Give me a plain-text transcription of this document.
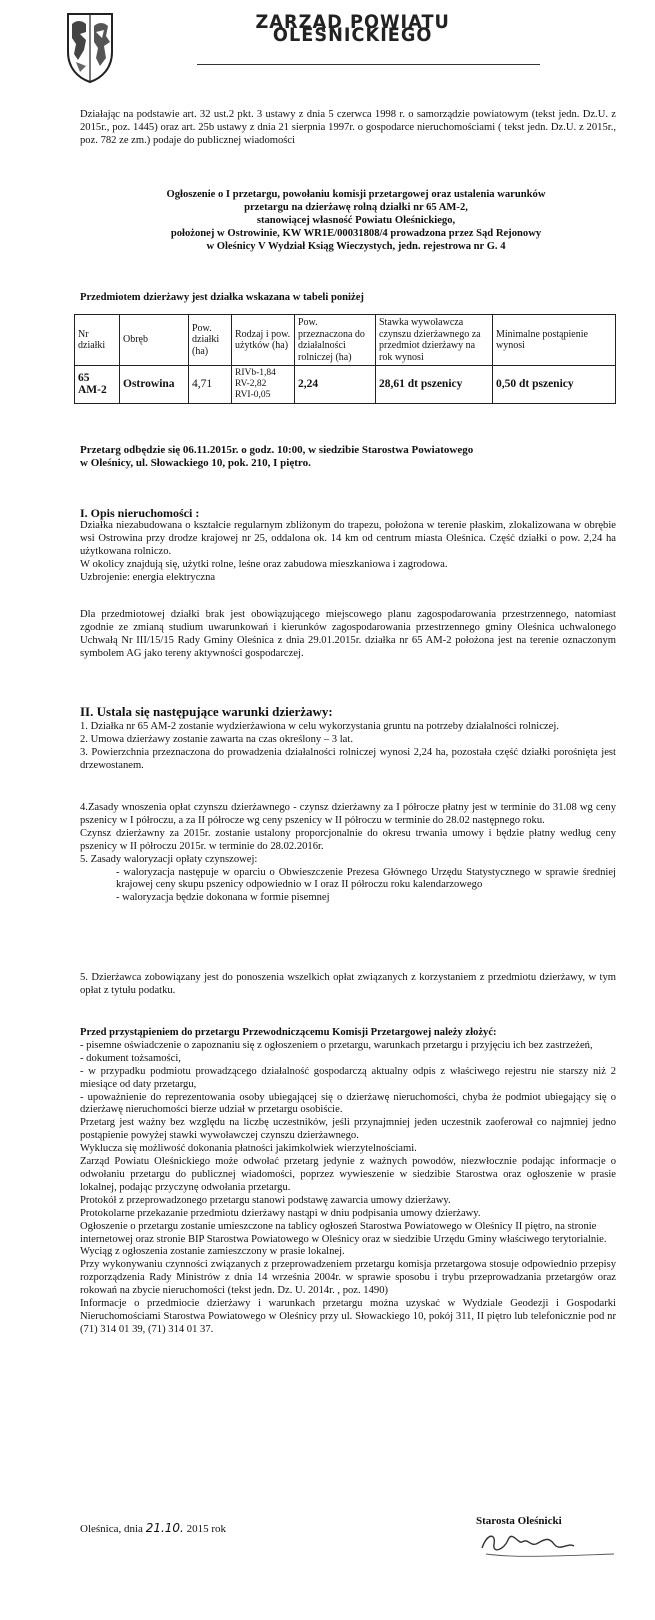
ZARZĄD POWIATU OLEŚNICKIEGO
Działając na podstawie art. 32 ust.2 pkt. 3 ustawy z dnia 5 czerwca 1998 r. o samorządzie powiatowym (tekst jedn. Dz.U. z 2015r., poz. 1445) oraz art. 25b ustawy z dnia 21 sierpnia 1997r. o gospodarce nieruchomościami ( tekst jedn. Dz.U. z 2015r., poz. 782 ze zm.) podaje do publicznej wiadomości

Ogłoszenie o I przetargu, powołaniu komisji przetargowej oraz ustalenia warunków

przetargu na dzierżawę rolną działki nr 65 AM-2,

stanowiącej własność Powiatu Oleśnickiego,

położonej w Ostrowinie, KW WR1E/00031808/4 prowadzona przez Sąd Rejonowy

w Oleśnicy V Wydział Ksiąg Wieczystych, jedn. rejestrowa nr G. 4

Przedmiotem dzierżawy jest działka wskazana w tabeli poniżej
Nr działki	Obręb	Pow. działki (ha)	Rodzaj i pow. użytków (ha)	Pow. przeznaczona do działalności rolniczej (ha)	Stawka wywoławcza czynszu dzierżawnego za przedmiot dzierżawy na rok wynosi	Minimalne postąpienie wynosi

65
AM-2	Ostrowina	4,71	RIVb-1,84
RV-2,82
RVI-0,05	2,24	28,61 dt pszenicy	0,50 dt pszenicy

Przetarg odbędzie się 06.11.2015r. o godz. 10:00, w siedzibie Starostwa Powiatowego

w Oleśnicy, ul. Słowackiego 10, pok. 210, I piętro.

I. Opis nieruchomości :

Działka niezabudowana o kształcie regularnym zbliżonym do trapezu, położona w terenie płaskim, zlokalizowana w obrębie wsi Ostrowina przy drodze krajowej nr 25, oddalona ok. 14 km od centrum miasta Oleśnica. Część działki o pow. 2,24 ha użytkowana rolniczo.

W okolicy znajdują się, użytki rolne, leśne oraz zabudowa mieszkaniowa i zagrodowa.

Uzbrojenie: energia elektryczna

Dla przedmiotowej działki brak jest obowiązującego miejscowego planu zagospodarowania przestrzennego, natomiast zgodnie ze zmianą studium uwarunkowań i kierunków zagospodarowania przestrzennego gminy Oleśnica uchwalonego Uchwałą Nr III/15/15 Rady Gminy Oleśnica z dnia 29.01.2015r. działka nr 65 AM-2 położona jest na terenie oznaczonym symbolem AG jako tereny aktywności gospodarczej.
II. Ustala się następujące warunki dzierżawy:

1. Działka nr 65 AM-2 zostanie wydzierżawiona w celu wykorzystania gruntu na potrzeby działalności rolniczej.

2. Umowa dzierżawy zostanie zawarta na czas określony – 3 lat.

3. Powierzchnia przeznaczona do prowadzenia działalności rolniczej wynosi 2,24 ha, pozostała część działki porośnięta jest drzewostanem.

4.Zasady wnoszenia opłat czynszu dzierżawnego - czynsz dzierżawny za I półrocze płatny jest w terminie do 31.08 wg ceny pszenicy w I półroczu, a za II półrocze wg ceny pszenicy w II półroczu w terminie do 28.02 następnego roku.

Czynsz dzierżawny za 2015r. zostanie ustalony proporcjonalnie do okresu trwania umowy i będzie płatny według ceny pszenicy w II półroczu 2015r. w terminie do 28.02.2016r.

5. Zasady waloryzacji opłaty czynszowej:

- waloryzacja następuje w oparciu o Obwieszczenie Prezesa Głównego Urzędu Statystycznego w sprawie średniej krajowej ceny skupu pszenicy odpowiednio w I oraz II półroczu roku kalendarzowego

- waloryzacja będzie dokonana w formie pisemnej

5. Dzierżawca zobowiązany jest do ponoszenia wszelkich opłat związanych z korzystaniem z przedmiotu dzierżawy, w tym opłat z tytułu podatku.

Przed przystąpieniem do przetargu Przewodniczącemu Komisji Przetargowej należy złożyć:

- pisemne oświadczenie o zapoznaniu się z ogłoszeniem o przetargu, warunkach przetargu i przyjęciu ich bez zastrzeżeń,

- dokument tożsamości,

- w przypadku podmiotu prowadzącego działalność gospodarczą aktualny odpis z właściwego rejestru nie starszy niż 2 miesiące od daty przetargu,

- upoważnienie do reprezentowania osoby ubiegającej się o dzierżawę nieruchomości, chyba że podmiot ubiegający się o dzierżawę nieruchomości bierze udział w przetargu osobiście.

Przetarg jest ważny bez względu na liczbę uczestników, jeśli przynajmniej jeden uczestnik zaoferował co najmniej jedno postąpienie powyżej stawki wywoławczej czynszu dzierżawnego.

Wyklucza się możliwość dokonania płatności jakimkolwiek wierzytelnościami.

Zarząd Powiatu Oleśnickiego może odwołać przetarg jedynie z ważnych powodów, niezwłocznie podając informacje o odwołaniu przetargu do publicznej wiadomości, poprzez wywieszenie w siedzibie Starostwa oraz ogłoszenie w prasie lokalnej, podając przyczynę odwołania przetargu.

Protokół z przeprowadzonego przetargu stanowi podstawę zawarcia umowy dzierżawy.

Protokolarne przekazanie przedmiotu dzierżawy nastąpi w dniu podpisania umowy dzierżawy.

Ogłoszenie o przetargu zostanie umieszczone na tablicy ogłoszeń Starostwa Powiatowego w Oleśnicy II piętro, na stronie internetowej oraz stronie BIP Starostwa Powiatowego w Oleśnicy oraz w siedzibie Urzędu Gminy właściwego terytorialnie.

Wyciąg z ogłoszenia zostanie zamieszczony w prasie lokalnej.

Przy wykonywaniu czynności związanych z przeprowadzeniem przetargu komisja przetargowa stosuje odpowiednio przepisy rozporządzenia Rady Ministrów z dnia 14 września 2004r. w sprawie sposobu i trybu przeprowadzania przetargów oraz rokowań na zbycie nieruchomości (tekst jedn. Dz. U. 2014r. , poz. 1490)

Informacje o przedmiocie dzierżawy i warunkach przetargu można uzyskać w Wydziale Geodezji i Gospodarki Nieruchomościami Starostwa Powiatowego w Oleśnicy przy ul. Słowackiego 10, pokój 311, II piętro lub telefonicznie pod nr (71) 314 01 39, (71) 314 01 37.

Oleśnica, dnia 21.10. 2015 rok
Starosta Oleśnicki
